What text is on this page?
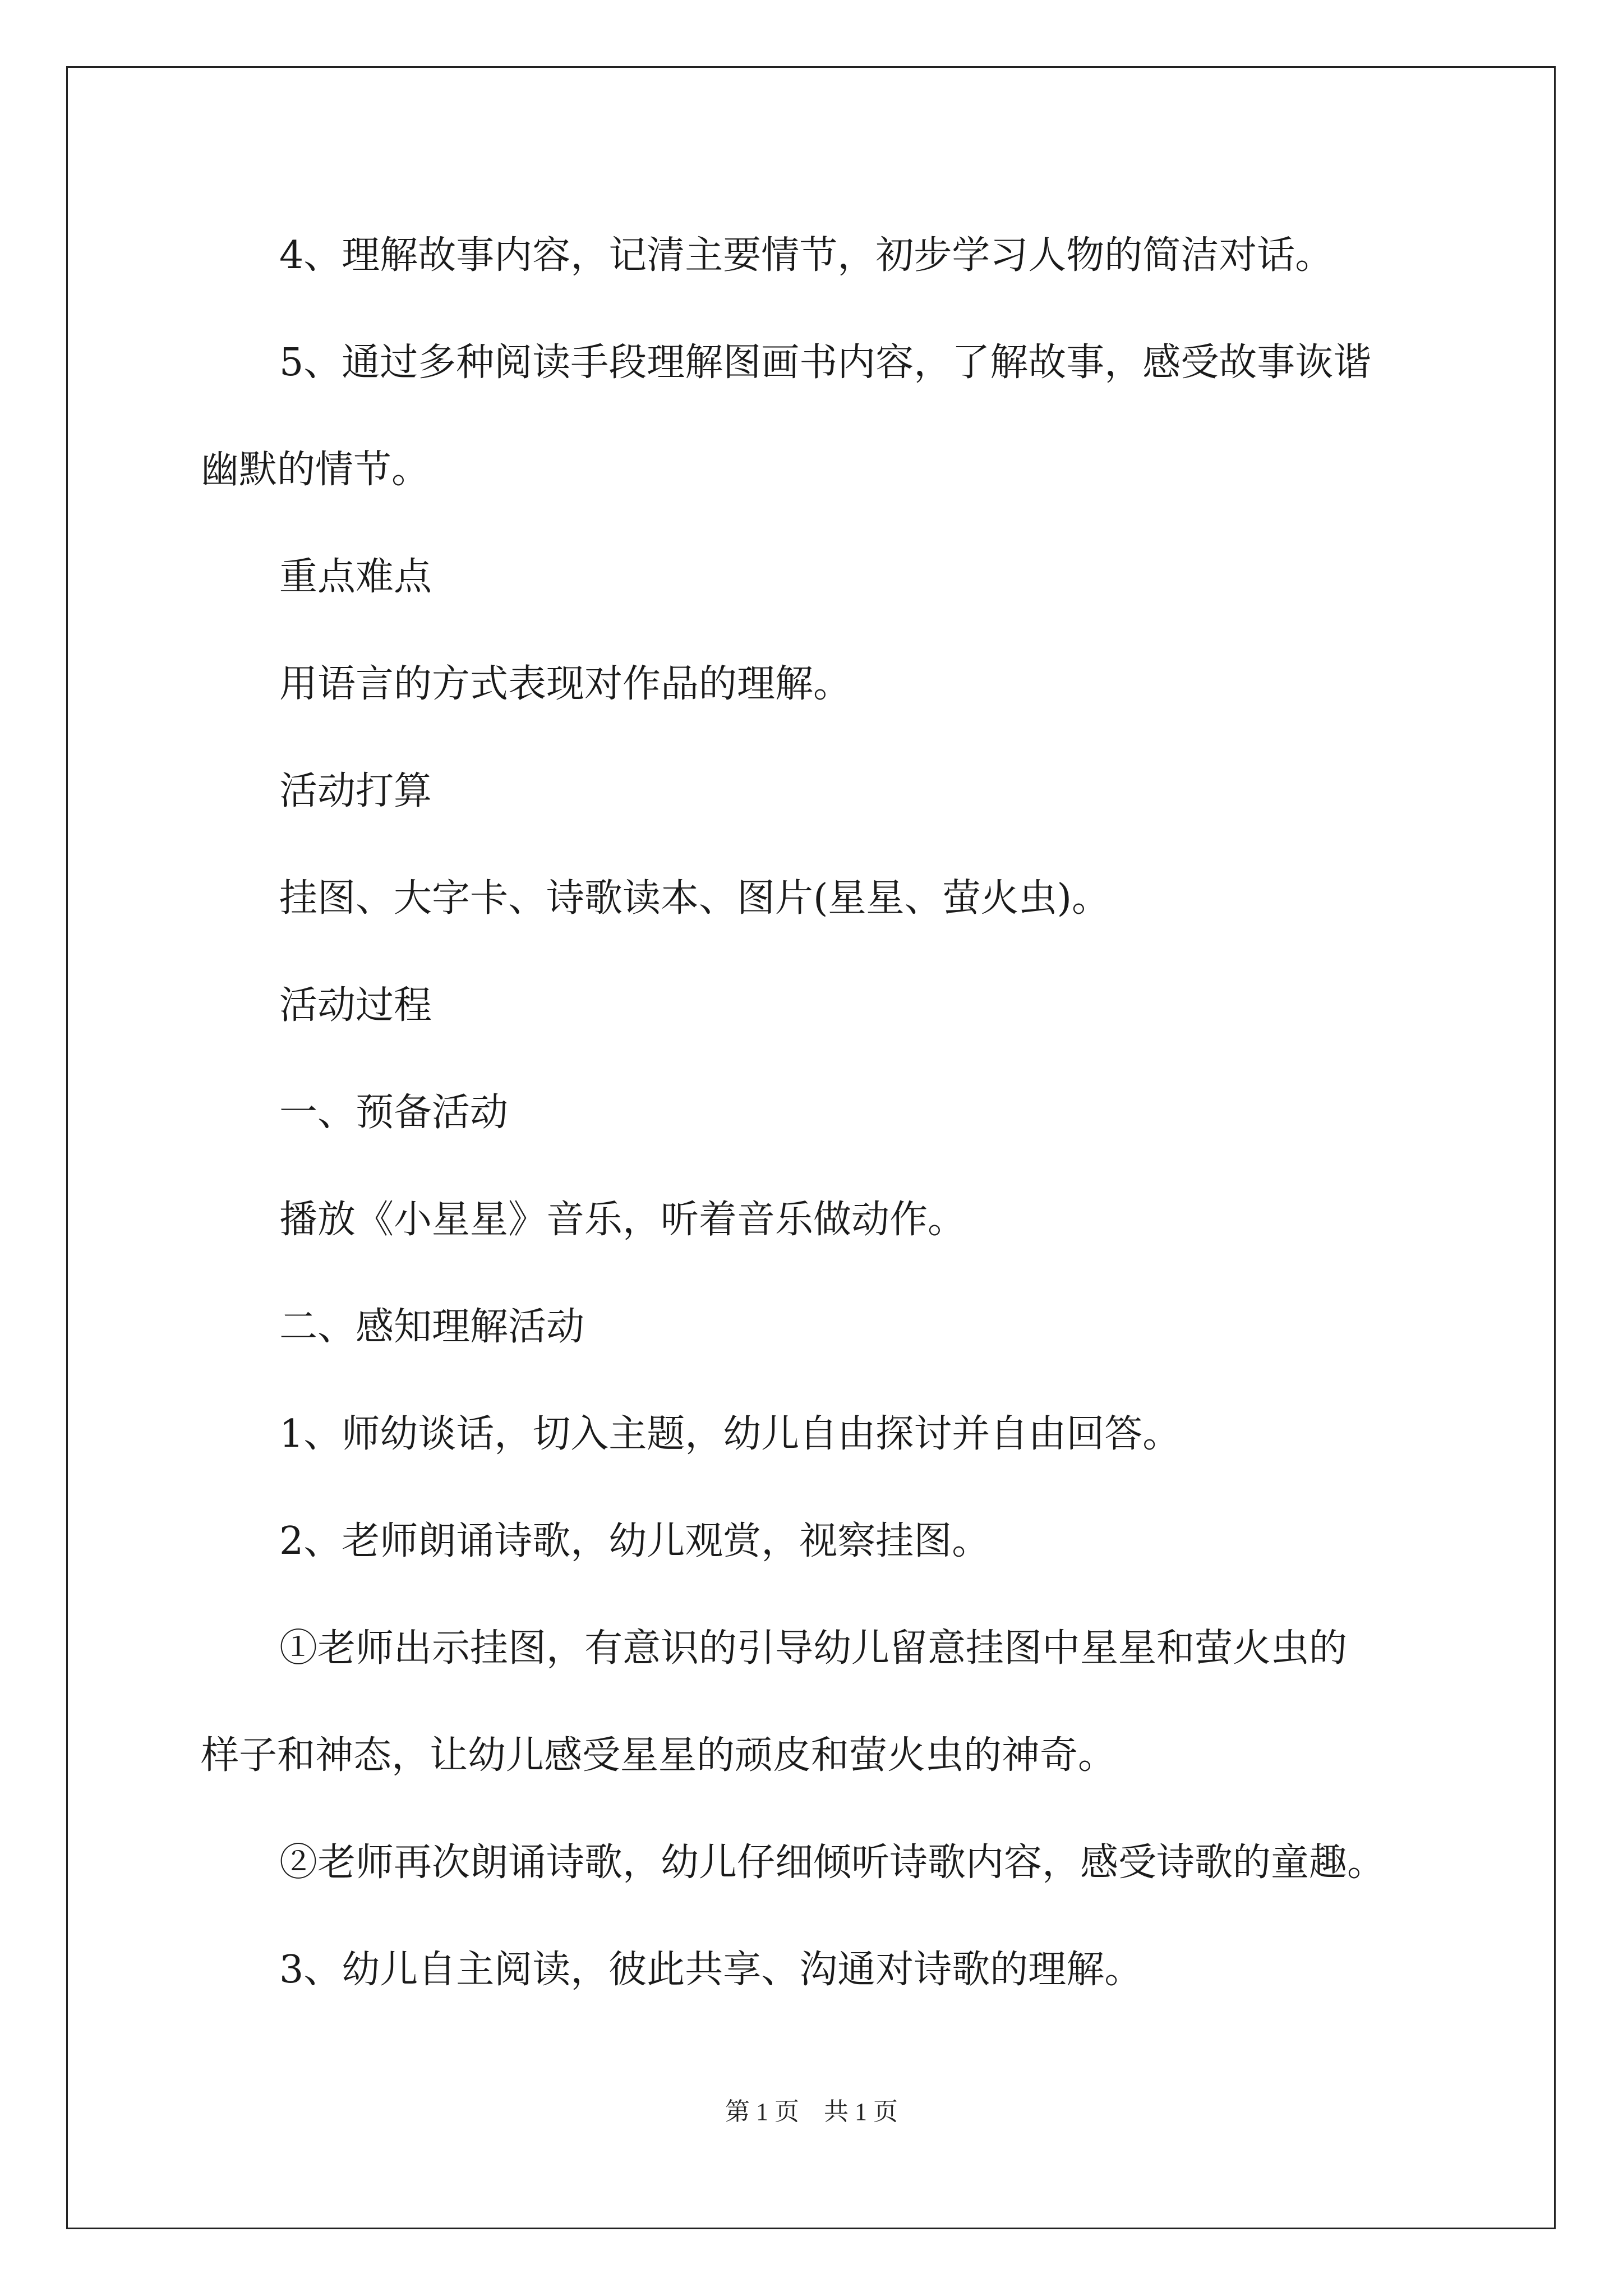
4、理解故事内容，记清主要情节，初步学习人物的简洁对话。

5、通过多种阅读手段理解图画书内容，了解故事，感受故事诙谐

幽默的情节。

重点难点

用语言的方式表现对作品的理解。

活动打算

挂图、大字卡、诗歌读本、图片(星星、萤火虫)。

活动过程

一、预备活动

播放《小星星》音乐，听着音乐做动作。

二、感知理解活动

1、师幼谈话，切入主题，幼儿自由探讨并自由回答。

2、老师朗诵诗歌，幼儿观赏，视察挂图。

①老师出示挂图，有意识的引导幼儿留意挂图中星星和萤火虫的

样子和神态，让幼儿感受星星的顽皮和萤火虫的神奇。

②老师再次朗诵诗歌，幼儿仔细倾听诗歌内容，感受诗歌的童趣。

3、幼儿自主阅读，彼此共享、沟通对诗歌的理解。

第 1 页　共 1 页
